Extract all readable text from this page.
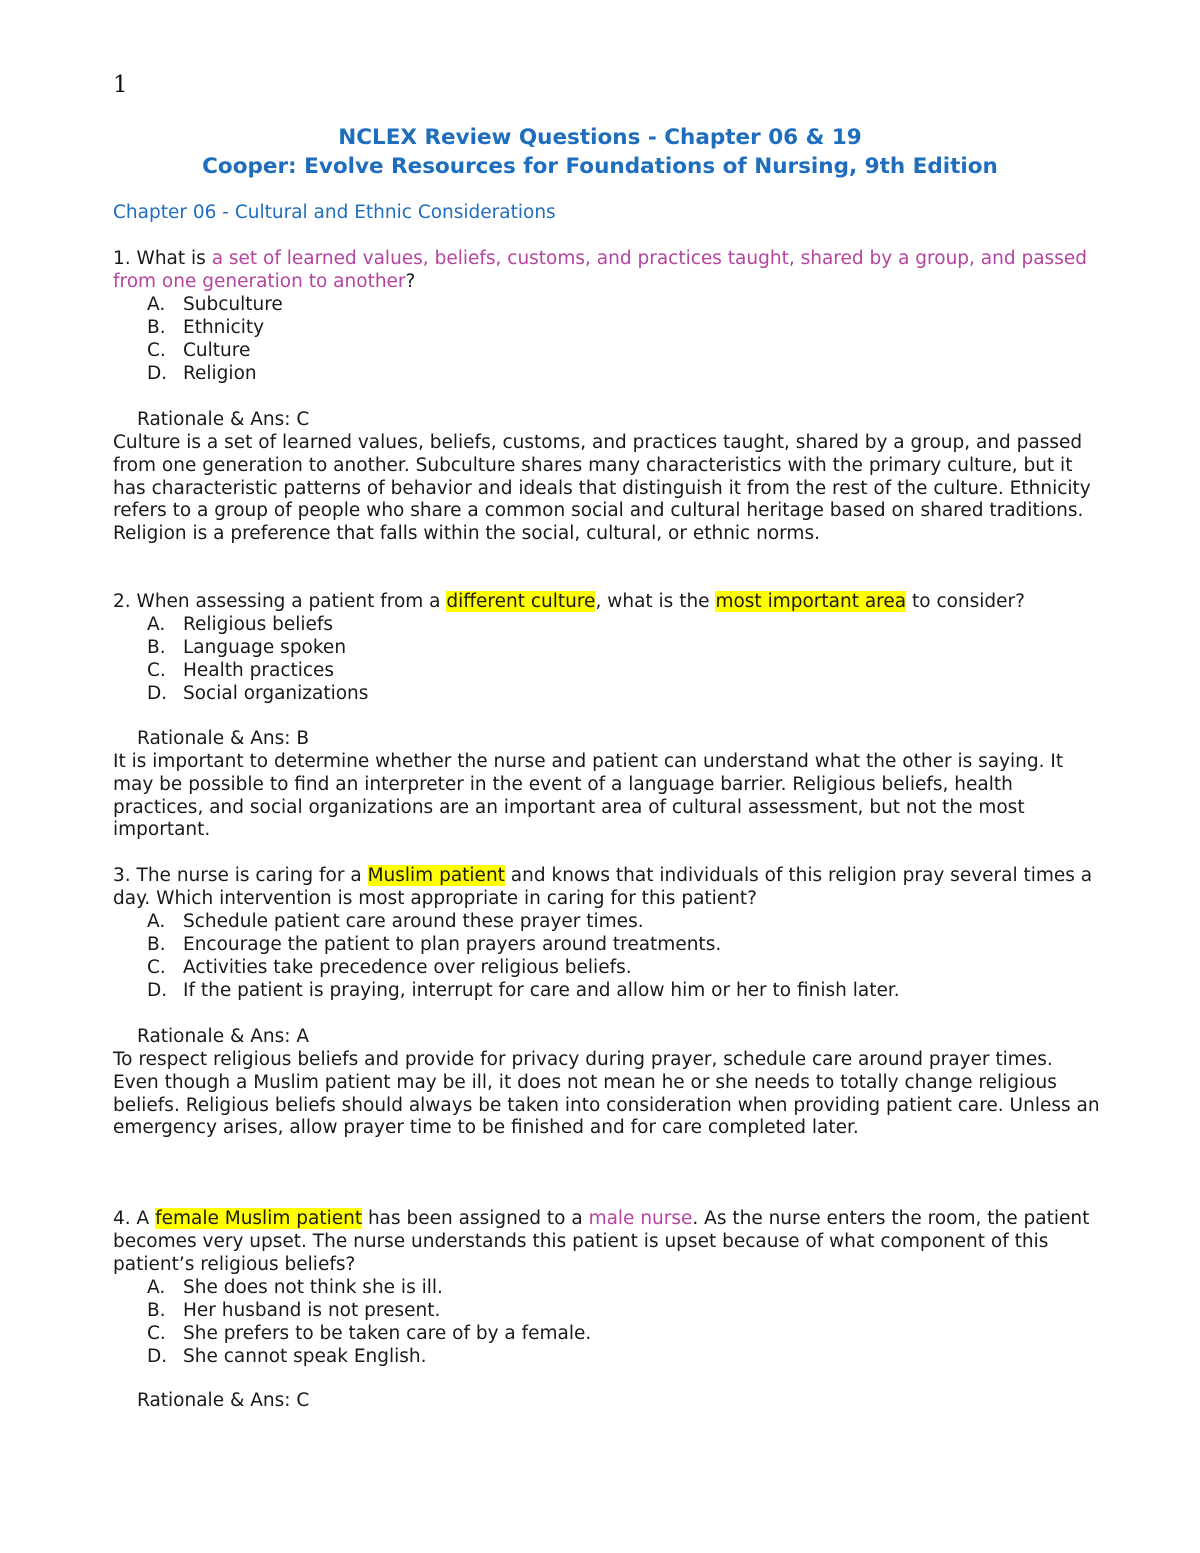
1
NCLEX Review Questions - Chapter 06 & 19
Cooper: Evolve Resources for Foundations of Nursing, 9th Edition
Chapter 06 - Cultural and Ethnic Considerations

1. What is a set of learned values, beliefs, customs, and practices taught, shared by a group, and passed from one generation to another?

A. Subculture
B. Ethnicity
C. Culture
D. Religion
Rationale & Ans: C

Culture is a set of learned values, beliefs, customs, and practices taught, shared by a group, and passed from one generation to another. Subculture shares many characteristics with the primary culture, but it has characteristic patterns of behavior and ideals that distinguish it from the rest of the culture. Ethnicity refers to a group of people who share a common social and cultural heritage based on shared traditions. Religion is a preference that falls within the social, cultural, or ethnic norms.

2. When assessing a patient from a different culture, what is the most important area to consider?

A. Religious beliefs
B. Language spoken
C. Health practices
D. Social organizations
Rationale & Ans: B

It is important to determine whether the nurse and patient can understand what the other is saying. It may be possible to find an interpreter in the event of a language barrier. Religious beliefs, health practices, and social organizations are an important area of cultural assessment, but not the most important.

3. The nurse is caring for a Muslim patient and knows that individuals of this religion pray several times a day. Which intervention is most appropriate in caring for this patient?

A. Schedule patient care around these prayer times.
B. Encourage the patient to plan prayers around treatments.
C. Activities take precedence over religious beliefs.
D. If the patient is praying, interrupt for care and allow him or her to finish later.
Rationale & Ans: A

To respect religious beliefs and provide for privacy during prayer, schedule care around prayer times. Even though a Muslim patient may be ill, it does not mean he or she needs to totally change religious beliefs. Religious beliefs should always be taken into consideration when providing patient care. Unless an emergency arises, allow prayer time to be finished and for care completed later.

4. A female Muslim patient has been assigned to a male nurse. As the nurse enters the room, the patient becomes very upset. The nurse understands this patient is upset because of what component of this patient’s religious beliefs?

A. She does not think she is ill.
B. Her husband is not present.
C. She prefers to be taken care of by a female.
D. She cannot speak English.
Rationale & Ans: C
